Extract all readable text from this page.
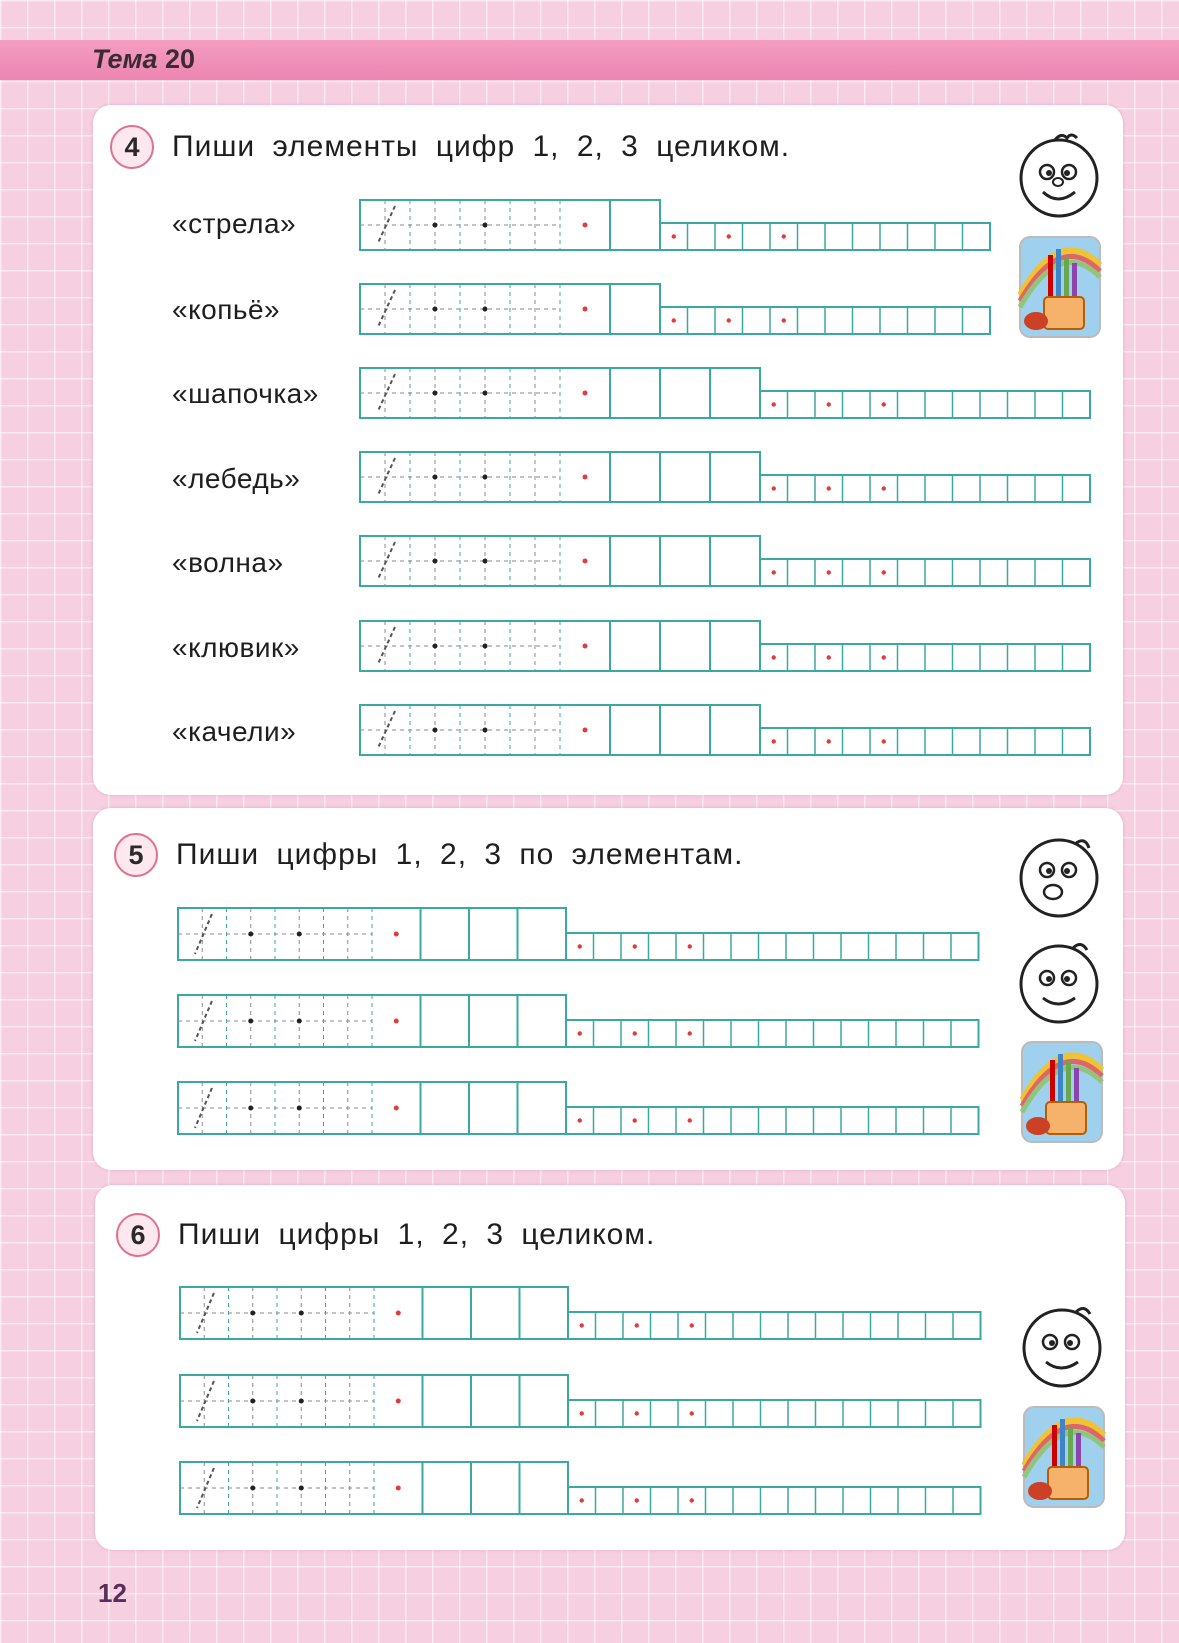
Тема 20
4	Пиши элементы цифр 1, 2, 3 целиком.
«стрела»
«копьё»
«шапочка»
«лебедь»
«волна»
«клювик»
«качели»
5	Пиши цифры 1, 2, 3 по элементам.
6	Пиши цифры 1, 2, 3 целиком.
12
